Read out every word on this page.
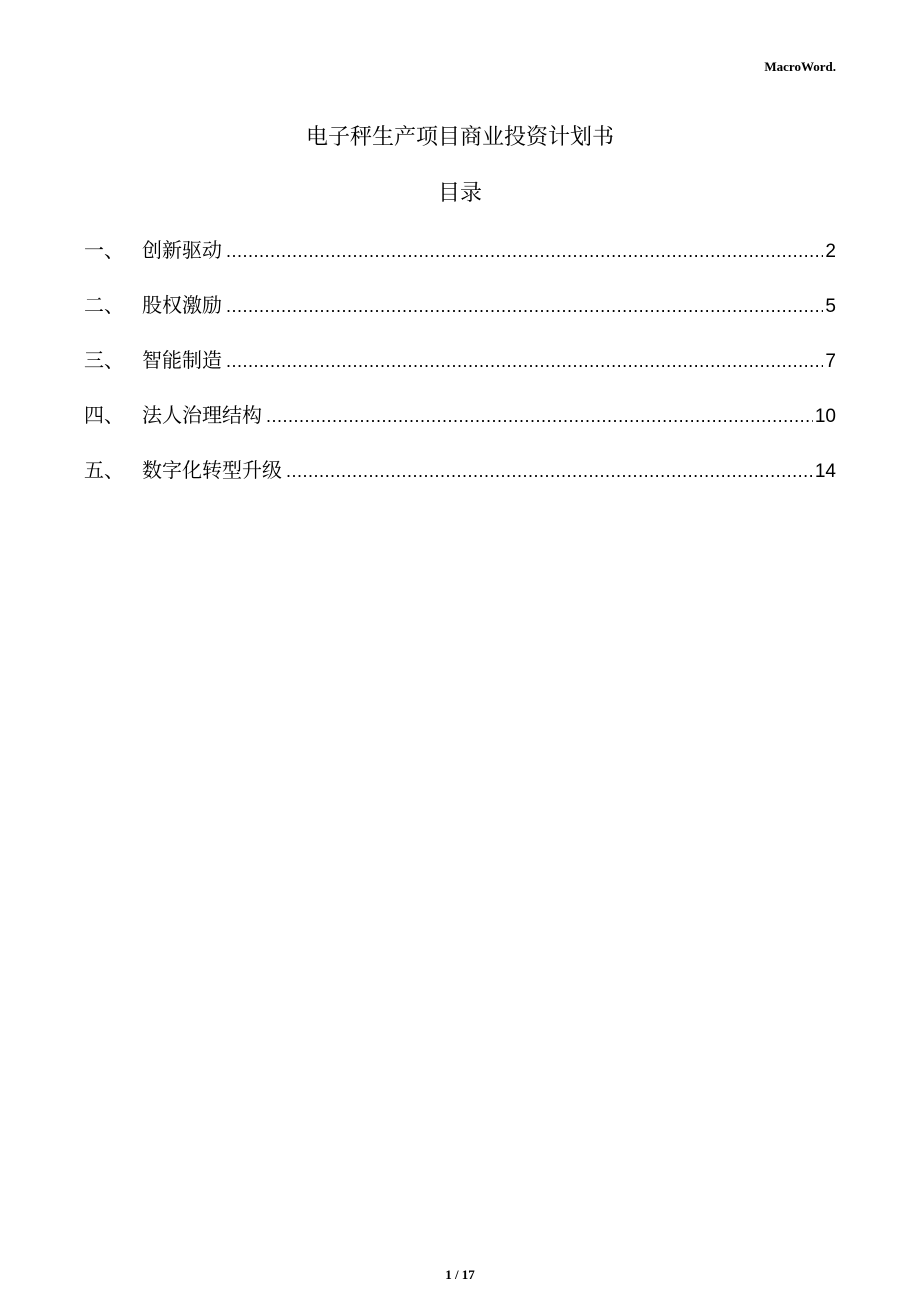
MacroWord.
电子秤生产项目商业投资计划书
目录
一、 创新驱动 .....	2
二、 股权激励 .....	5
三、 智能制造 .....	7
四、 法人治理结构 .....	10
五、 数字化转型升级 .....	14
1 / 17
